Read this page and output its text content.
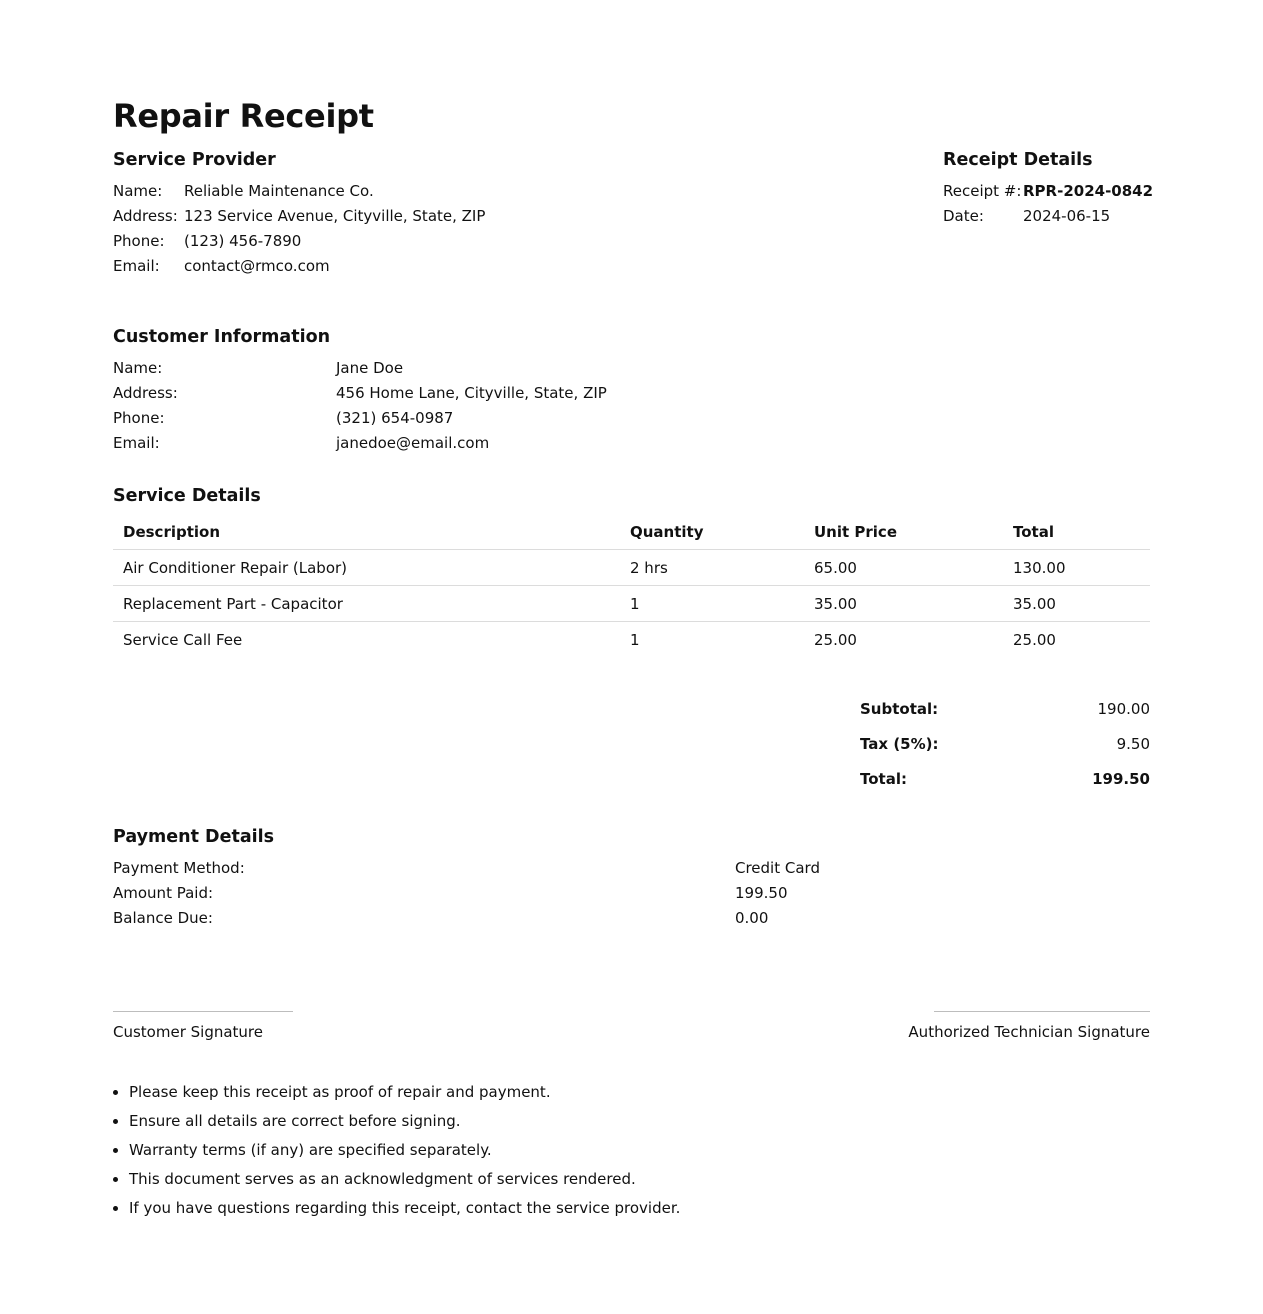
Repair Receipt
Service Provider
Name: Reliable Maintenance Co.
Address: 123 Service Avenue, Cityville, State, ZIP
Phone: (123) 456-7890
Email: contact@rmco.com
Receipt Details
Receipt #: RPR-2024-0842
Date:	2024-06-15
Customer Information
Name:	Jane Doe
Address:	456 Home Lane, Cityville, State, ZIP
Phone:	(321) 654-0987
Email:	janedoe@email.com
Service Details
Description	Quantity	Unit Price	Total
Air Conditioner Repair (Labor)	2 hrs	65.00	130.00
Replacement Part - Capacitor	1	35.00	35.00
Service Call Fee	1	25.00	25.00
Subtotal:	190.00
Tax (5%):	9.50
Total:	199.50
Payment Details
Payment Method:	Credit Card
Amount Paid:	199.50
Balance Due:	0.00
Customer Signature	Authorized Technician Signature
• Please keep this receipt as proof of repair and payment.
• Ensure all details are correct before signing.
• Warranty terms (if any) are specified separately.
• This document serves as an acknowledgment of services rendered.
• If you have questions regarding this receipt, contact the service provider.
